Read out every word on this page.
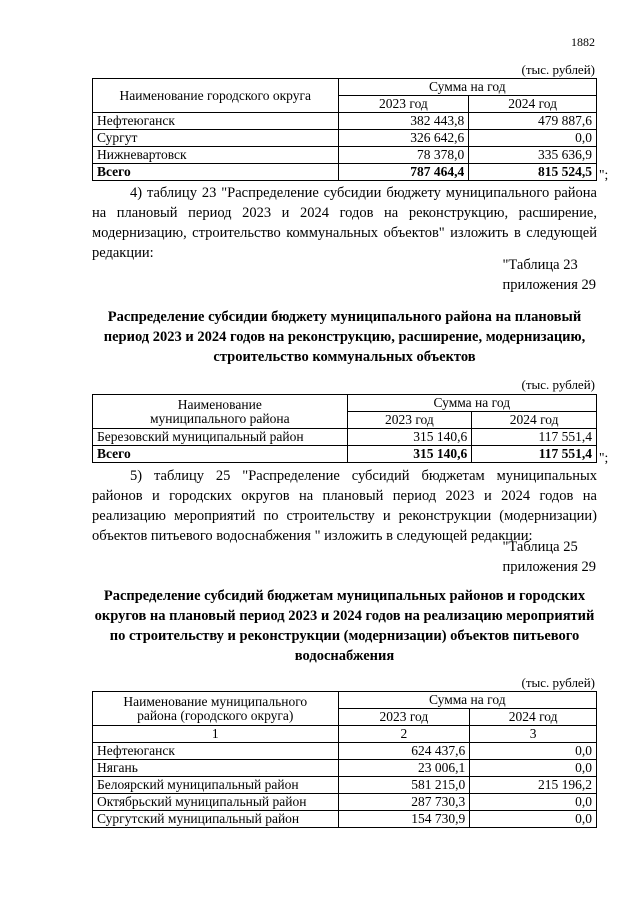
1882
(тыс. рублей)
Наименование городского округа	Сумма на год	
	2023 год	2024 год
Нефтеюганск	382 443,8	479 887,6
Сургут	326 642,6	0,0
Нижневартовск	78 378,0	335 636,9
Всего	787 464,4	815 524,5 ";
4) таблицу 23 "Распределение субсидии бюджету муниципального района на плановый период 2023 и 2024 годов на реконструкцию, расширение, модернизацию, строительство коммунальных объектов" изложить в следующей редакции:
"Таблица 23
приложения 29
Распределение субсидии бюджету муниципального района на плановый период 2023 и 2024 годов на реконструкцию, расширение, модернизацию, строительство коммунальных объектов
(тыс. рублей)
Наименование
муниципального района	Сумма на год	
	2023 год	2024 год
Березовский муниципальный район	315 140,6	117 551,4
Всего	315 140,6	117 551,4 ";
5) таблицу 25 "Распределение субсидий бюджетам муниципальных районов и городских округов на плановый период 2023 и 2024 годов на реализацию мероприятий по строительству и реконструкции (модернизации) объектов питьевого водоснабжения " изложить в следующей редакции:
"Таблица 25
приложения 29
Распределение субсидий бюджетам муниципальных районов и городских округов на плановый период 2023 и 2024 годов на реализацию мероприятий по строительству и реконструкции (модернизации) объектов питьевого водоснабжения
(тыс. рублей)
Наименование муниципального
района (городского округа)	Сумма на год	
	2023 год	2024 год
1	2	3
Нефтеюганск	624 437,6	0,0
Нягань	23 006,1	0,0
Белоярский муниципальный район	581 215,0	215 196,2
Октябрьский муниципальный район	287 730,3	0,0
Сургутский муниципальный район	154 730,9	0,0
